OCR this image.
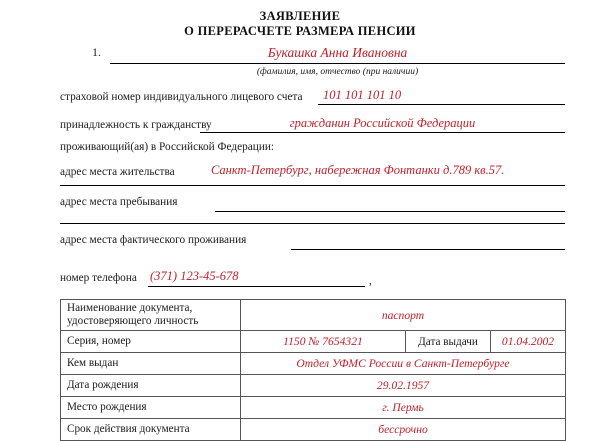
ЗАЯВЛЕНИЕ
О ПЕРЕРАСЧЕТЕ РАЗМЕРА ПЕНСИИ
1.	Букашка Анна Ивановна
(фамилия, имя, отчество (при наличии)
страховой номер индивидуального лицевого счета 101 101 101 10
принадлежность к гражданству	гражданин Российской Федерации
проживающий(ая) в Российской Федерации:
адрес места жительства	Санкт-Петербург, набережная Фонтанки д.789 кв.57.
адрес места пребывания
адрес места фактического проживания
номер телефона (371) 123-45-678	,
Наименование документа,
удостоверяющего личность	паспорт		
Серия, номер	1150 № 7654321	Дата выдачи	01.04.2002
Кем выдан	Отдел УФМС России в Санкт-Петербурге		
Дата рождения	29.02.1957		
Место рождения	г. Пермь		
Срок действия документа	бессрочно		
